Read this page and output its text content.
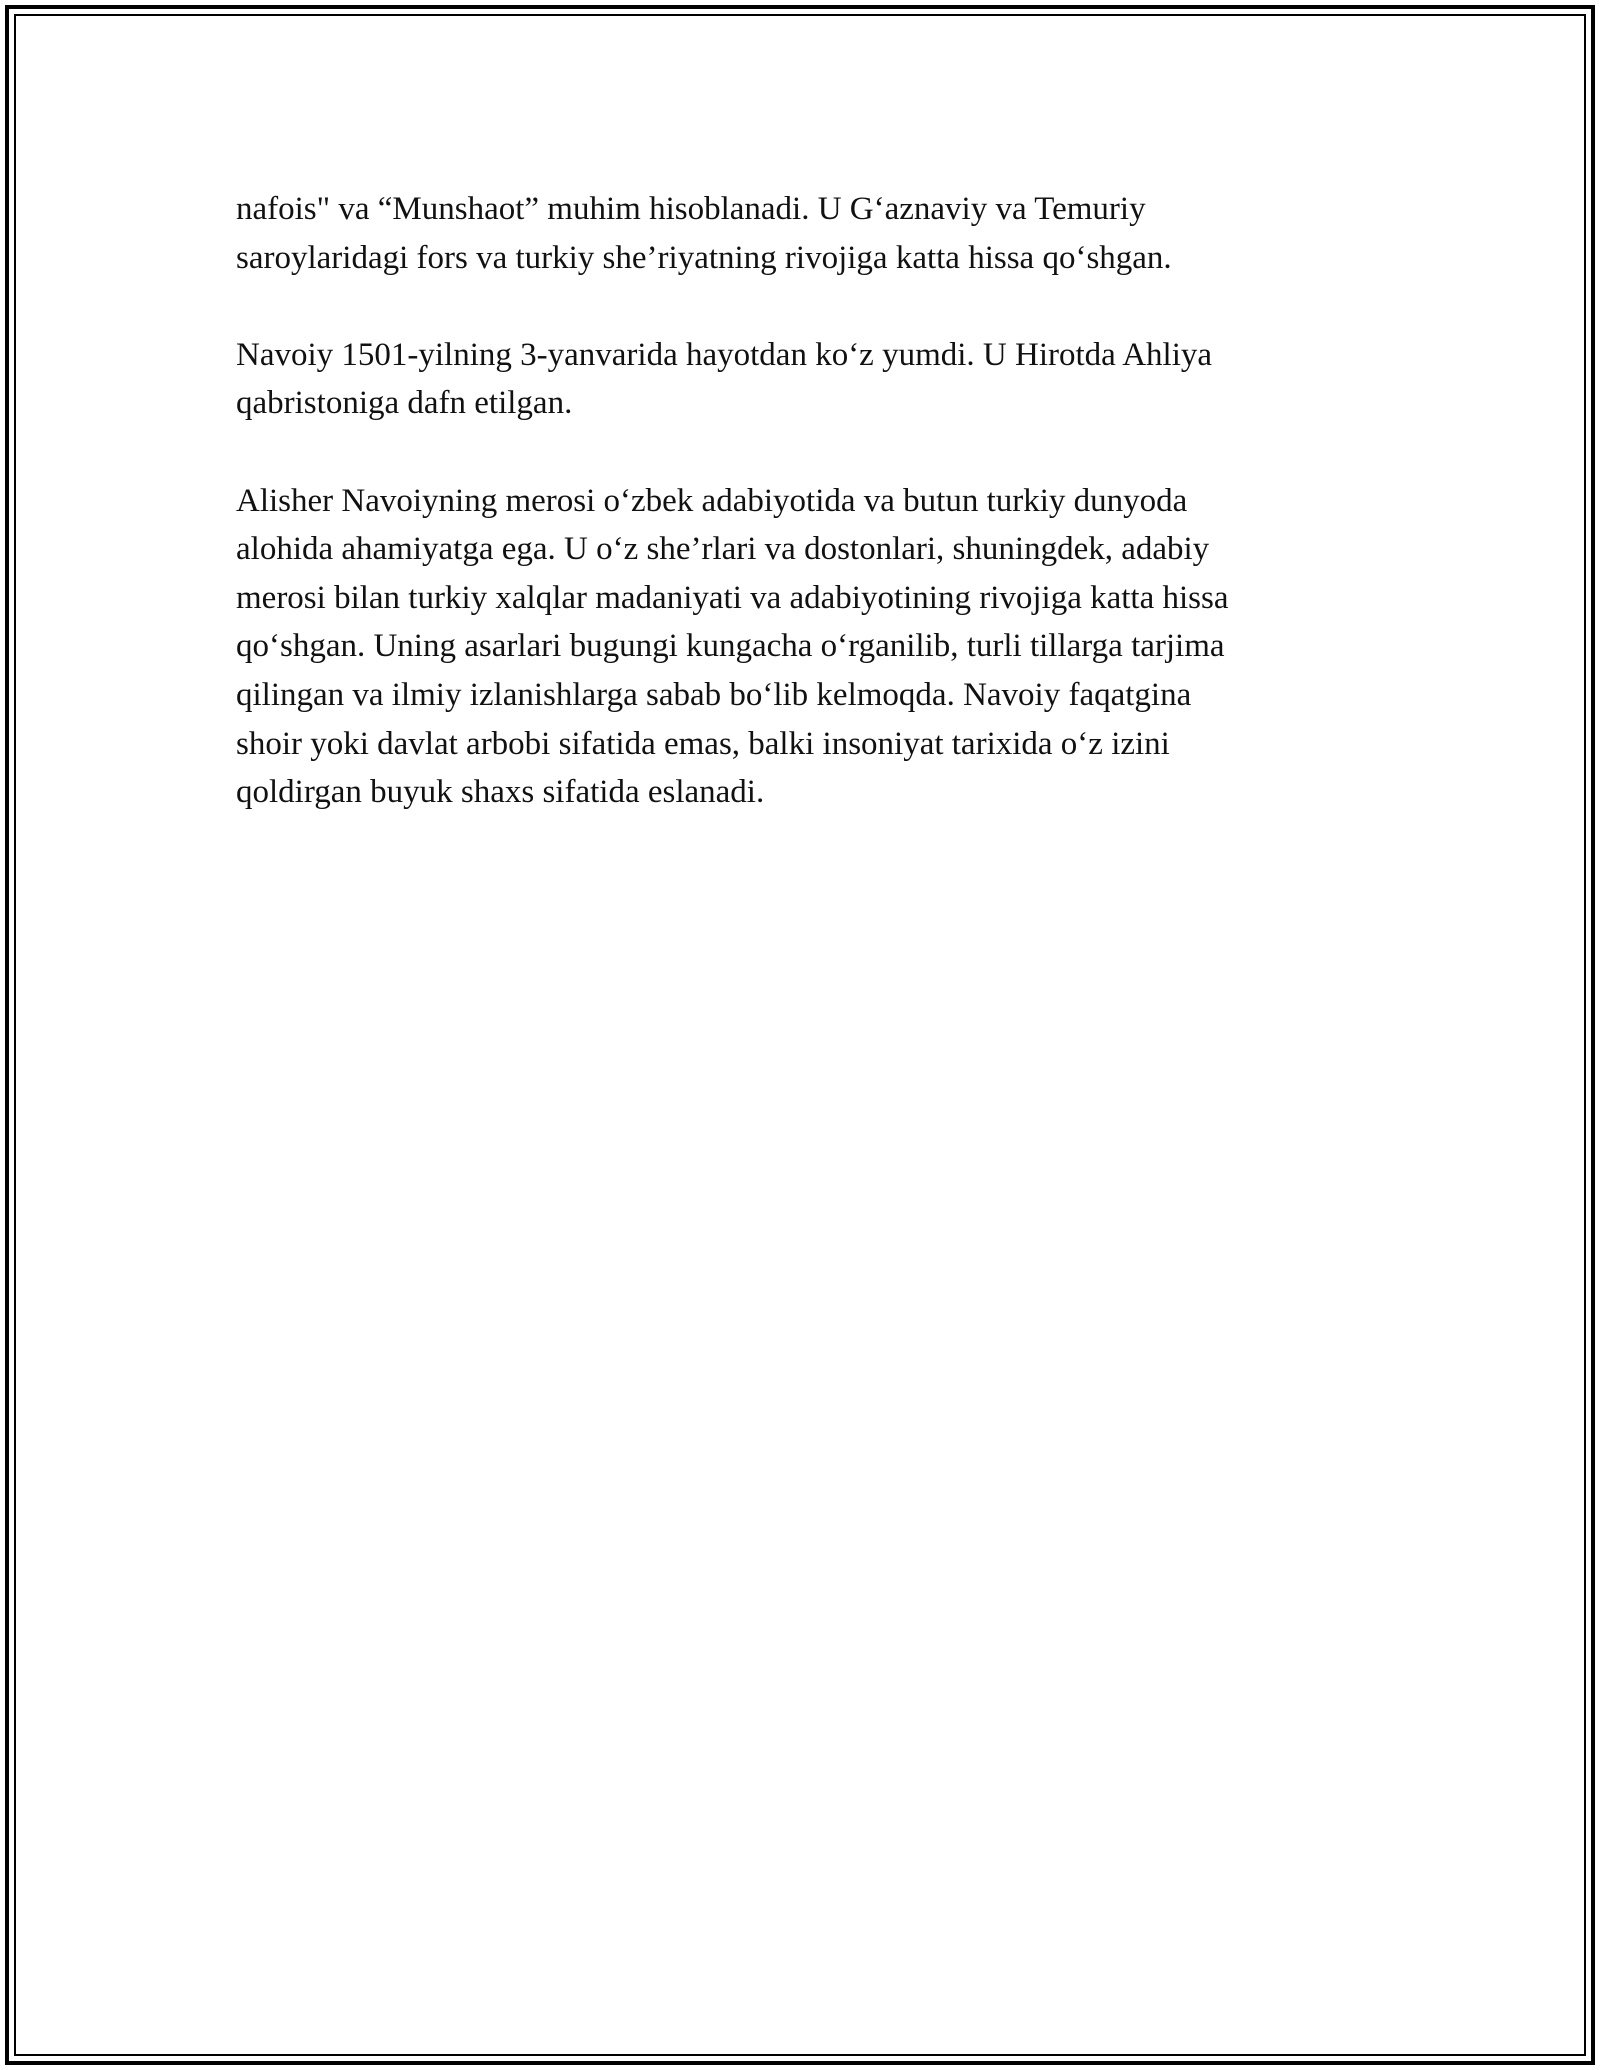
nafois" va “Munshaot” muhim hisoblanadi. U G‘aznaviy va Temuriy
saroylaridagi fors va turkiy she’riyatning rivojiga katta hissa qo‘shgan.

Navoiy 1501-yilning 3-yanvarida hayotdan ko‘z yumdi. U Hirotda Ahliya
qabristoniga dafn etilgan.

Alisher Navoiyning merosi o‘zbek adabiyotida va butun turkiy dunyoda
alohida ahamiyatga ega. U o‘z she’rlari va dostonlari, shuningdek, adabiy
merosi bilan turkiy xalqlar madaniyati va adabiyotining rivojiga katta hissa
qo‘shgan. Uning asarlari bugungi kungacha o‘rganilib, turli tillarga tarjima
qilingan va ilmiy izlanishlarga sabab bo‘lib kelmoqda. Navoiy faqatgina
shoir yoki davlat arbobi sifatida emas, balki insoniyat tarixida o‘z izini
qoldirgan buyuk shaxs sifatida eslanadi.
